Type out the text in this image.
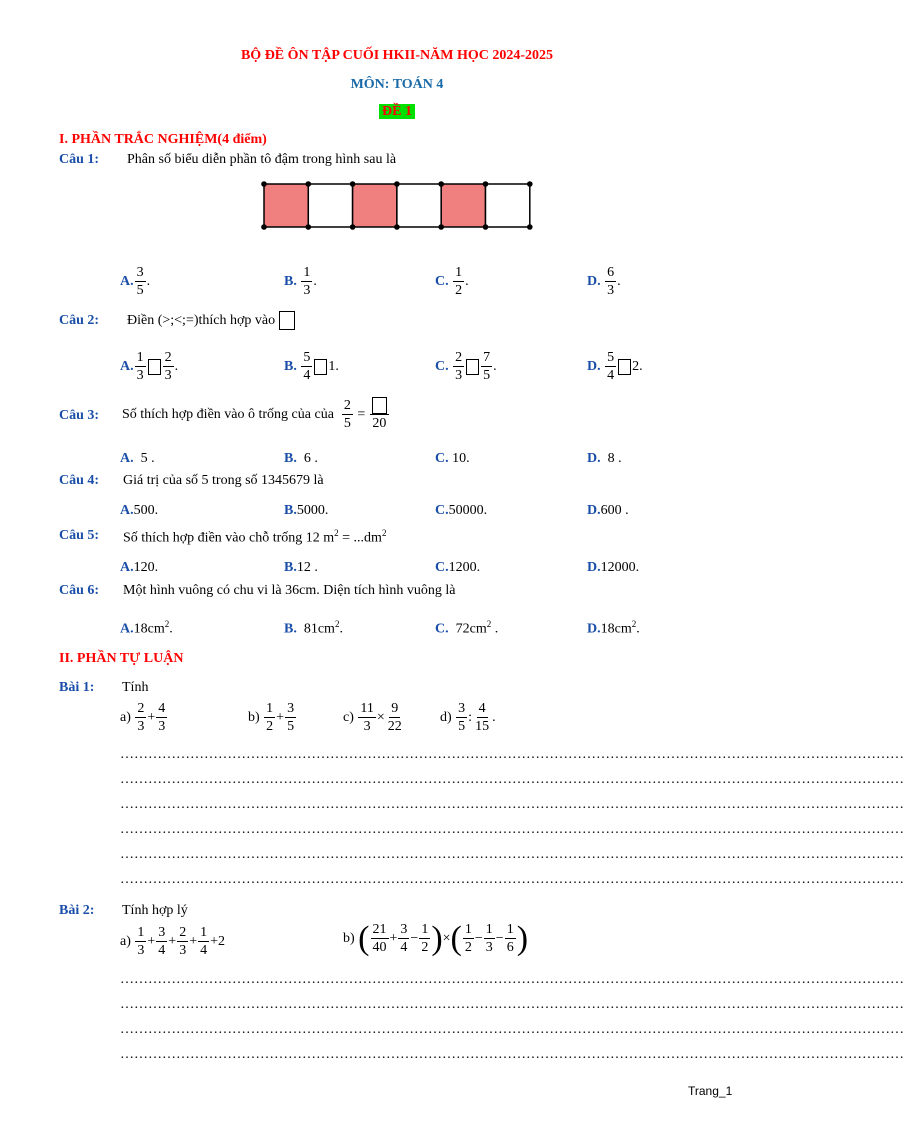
BỘ ĐỀ ÔN TẬP CUỐI HKII-NĂM HỌC 2024-2025
MÔN: TOÁN 4
ĐỀ 1
I. PHẦN TRẮC NGHIỆM(4 điểm)
Câu 1: Phân số biểu diễn phần tô đậm trong hình sau là
A. $\frac{3}{5}$ .	B.
$\frac{1}{3}$ .	C.
$\frac{1}{2}$ .	D.
$\frac{6}{3}$ .
Câu 2: Điền
(>;<;=) thích hợp vào

A. $\frac{1}{3} \frac{2}{3}$ .	B.
$\frac{5}{4} 1$ .	C.
$\frac{2}{3} \frac{7}{5}$ .	D.
$\frac{5}{4} 2$ .
Câu 3: Số thích hợp điền vào ô trống của của
$\frac{2}{5}$ =
20
A. 5 .	B. 6 .	C. 10.	D. 8 .
Câu 4: Giá trị của số 5 trong số 1345679 là
A.500.	B.5000.	C.50000.	D.600 .
Câu 5: Số thích hợp điền vào chỗ trống 12 $m^2 = ...dm^2$
A.120.	B.12 .	C.1200.	D.12000.
Câu 6: Một hình vuông có chu vi là 36cm. Diện tích hình vuông là
$A.18cm^2$.	B. $81cm^2$.	C. $72cm^2$ .	$D.18cm^2$.
II. PHẦN TỰ LUẬN
Bài 1: Tính
a)
$\frac{2}{3} + \frac{4}{3}$	b)
$\frac{1}{2} + \frac{3}{5}$	c)
$\frac{11}{3} \times \frac{9}{22}$	d)
$\frac{3}{5}$ : $\frac{4}{15}$ .
……………………………………………………………………………………………………………………………………………………
……………………………………………………………………………………………………………………………………………………
……………………………………………………………………………………………………………………………………………………
……………………………………………………………………………………………………………………………………………………
……………………………………………………………………………………………………………………………………………………
……………………………………………………………………………………………………………………………………………………
Bài 2: Tính hợp lý
a)
$\frac{1}{3} + \frac{3}{4} + \frac{2}{3} + \frac{1}{4} + 2$	b)
( $\frac{21}{40} + \frac{3}{4} - \frac{1}{2}$ ) × ( $\frac{1}{2} - \frac{1}{3} - \frac{1}{6}$ )
……………………………………………………………………………………………………………………………………………………
……………………………………………………………………………………………………………………………………………………
……………………………………………………………………………………………………………………………………………………
……………………………………………………………………………………………………………………………………………………
Trang_1
